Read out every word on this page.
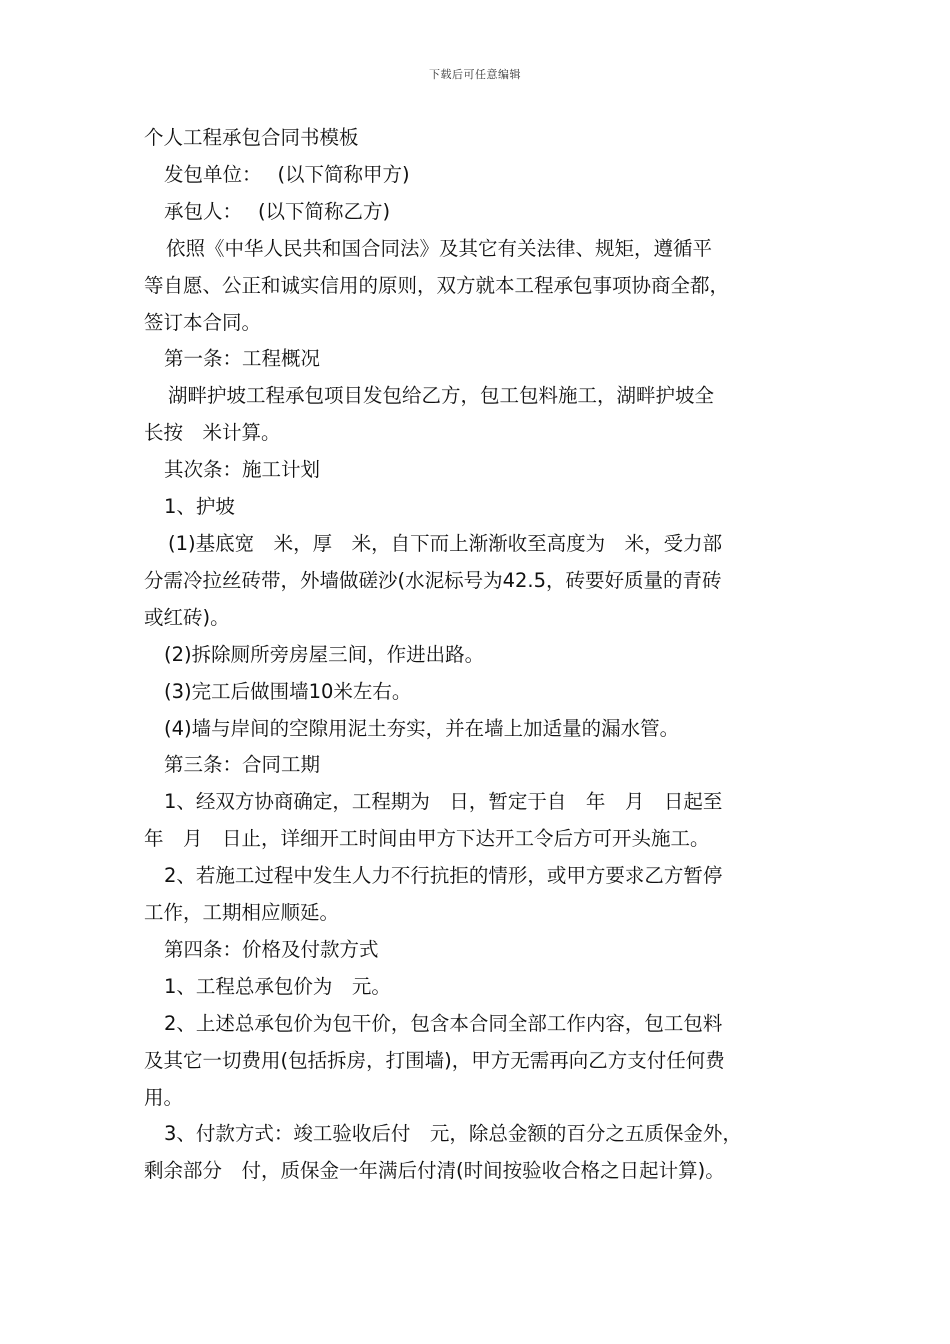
下载后可任意编辑
个人工程承包合同书模板
发包单位：　 (以下简称甲方)
承包人：　 (以下简称乙方)
依照《中华人民共和国合同法》及其它有关法律、规矩，遵循平
等自愿、公正和诚实信用的原则，双方就本工程承包事项协商全都，
签订本合同。
第一条：工程概况
湖畔护坡工程承包项目发包给乙方，包工包料施工，湖畔护坡全
长按　米计算。
其次条：施工计划
1、护坡
(1)基底宽　米，厚　米，自下而上渐渐收至高度为　米，受力部
分需冷拉丝砖带，外墙做磋沙(水泥标号为42.5，砖要好质量的青砖
或红砖)。
(2)拆除厕所旁房屋三间，作进出路。
(3)完工后做围墙10米左右。
(4)墙与岸间的空隙用泥土夯实，并在墙上加适量的漏水管。
第三条：合同工期
1、经双方协商确定，工程期为　日，暂定于自　年　月　日起至
年　月　日止，详细开工时间由甲方下达开工令后方可开头施工。
2、若施工过程中发生人力不行抗拒的情形，或甲方要求乙方暂停
工作，工期相应顺延。
第四条：价格及付款方式
1、工程总承包价为　元。
2、上述总承包价为包干价，包含本合同全部工作内容，包工包料
及其它一切费用(包括拆房，打围墙)，甲方无需再向乙方支付任何费
用。
3、付款方式：竣工验收后付　元，除总金额的百分之五质保金外，
剩余部分　付，质保金一年满后付清(时间按验收合格之日起计算)。
